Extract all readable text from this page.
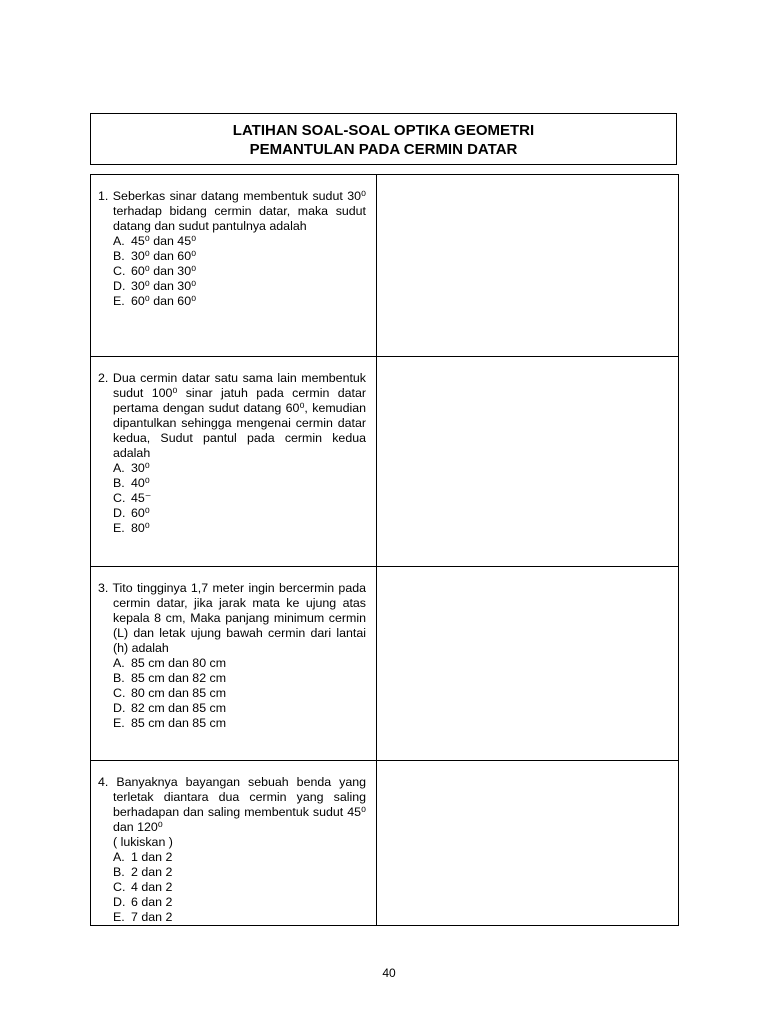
LATIHAN SOAL-SOAL OPTIKA GEOMETRI
PEMANTULAN PADA CERMIN DATAR
1. Seberkas sinar datang membentuk sudut 30⁰ terhadap bidang cermin datar, maka sudut datang dan sudut pantulnya adalah
A. 45⁰ dan 45⁰
B. 30⁰ dan 60⁰
C. 60⁰ dan 30⁰
D. 30⁰ dan 30⁰
E. 60⁰ dan 60⁰
2. Dua cermin datar satu sama lain membentuk sudut 100⁰ sinar jatuh pada cermin datar pertama dengan sudut datang 60⁰, kemudian dipantulkan sehingga mengenai cermin datar kedua, Sudut pantul pada cermin kedua adalah
A. 30⁰
B. 40⁰
C. 45⁻
D. 60⁰
E. 80⁰
3. Tito tingginya 1,7 meter ingin bercermin pada cermin datar, jika jarak mata ke ujung atas kepala 8 cm, Maka panjang minimum cermin (L) dan letak ujung bawah cermin dari lantai (h) adalah
A. 85 cm dan 80 cm
B. 85 cm dan 82 cm
C. 80 cm dan 85 cm
D. 82 cm dan 85 cm
E. 85 cm dan 85 cm
4. Banyaknya bayangan sebuah benda yang terletak diantara dua cermin yang saling berhadapan dan saling membentuk sudut 45⁰ dan 120⁰
( lukiskan )
A. 1 dan 2
B. 2 dan 2
C. 4 dan 2
D. 6 dan 2
E. 7 dan 2
40
